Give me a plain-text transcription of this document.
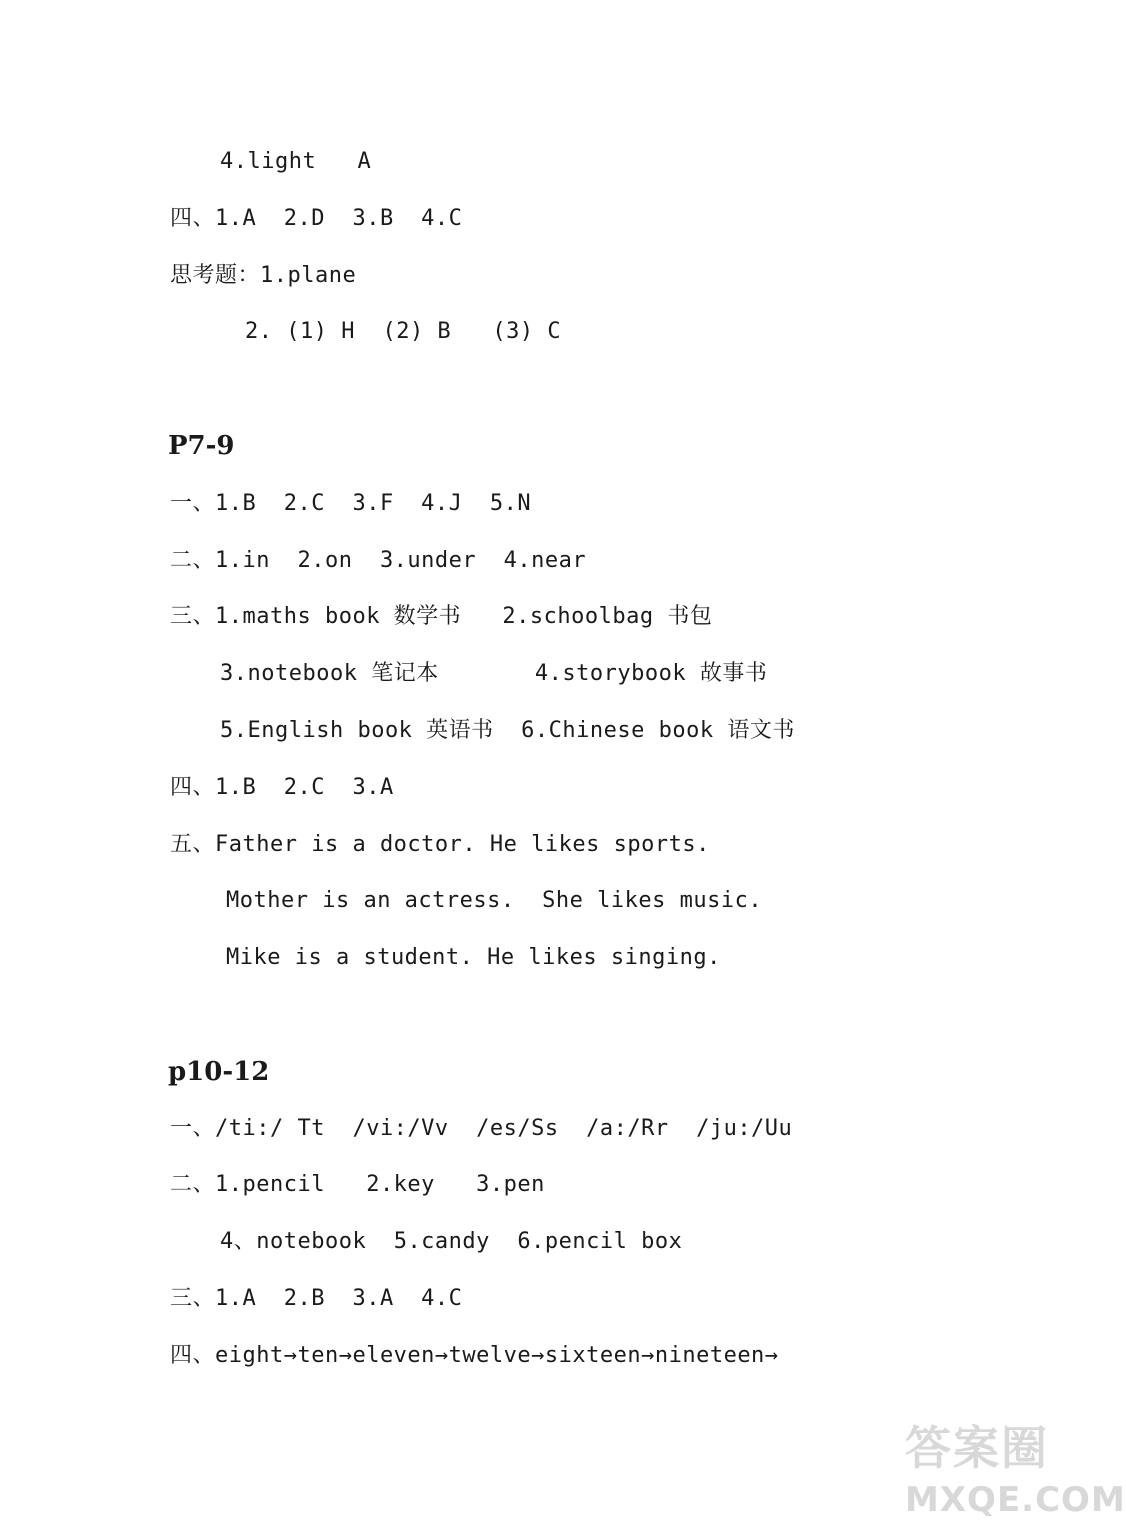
4.light   A
四、1.A  2.D  3.B  4.C
思考题：1.plane
2. (1) H  (2) B   (3) C
P7-9
一、1.B  2.C  3.F  4.J  5.N
二、1.in  2.on  3.under  4.near
三、1.maths book 数学书   2.schoolbag 书包
3.notebook 笔记本       4.storybook 故事书
5.English book 英语书  6.Chinese book 语文书
四、1.B  2.C  3.A
五、Father is a doctor. He likes sports.
Mother is an actress.  She likes music.
Mike is a student. He likes singing.
p10-12
一、/ti:/ Tt  /vi:/Vv  /es/Ss  /a:/Rr  /ju:/Uu
二、1.pencil   2.key   3.pen
4、notebook  5.candy  6.pencil box
三、1.A  2.B  3.A  4.C
四、eight→ten→eleven→twelve→sixteen→nineteen→
答案圈
MXQE.COM
